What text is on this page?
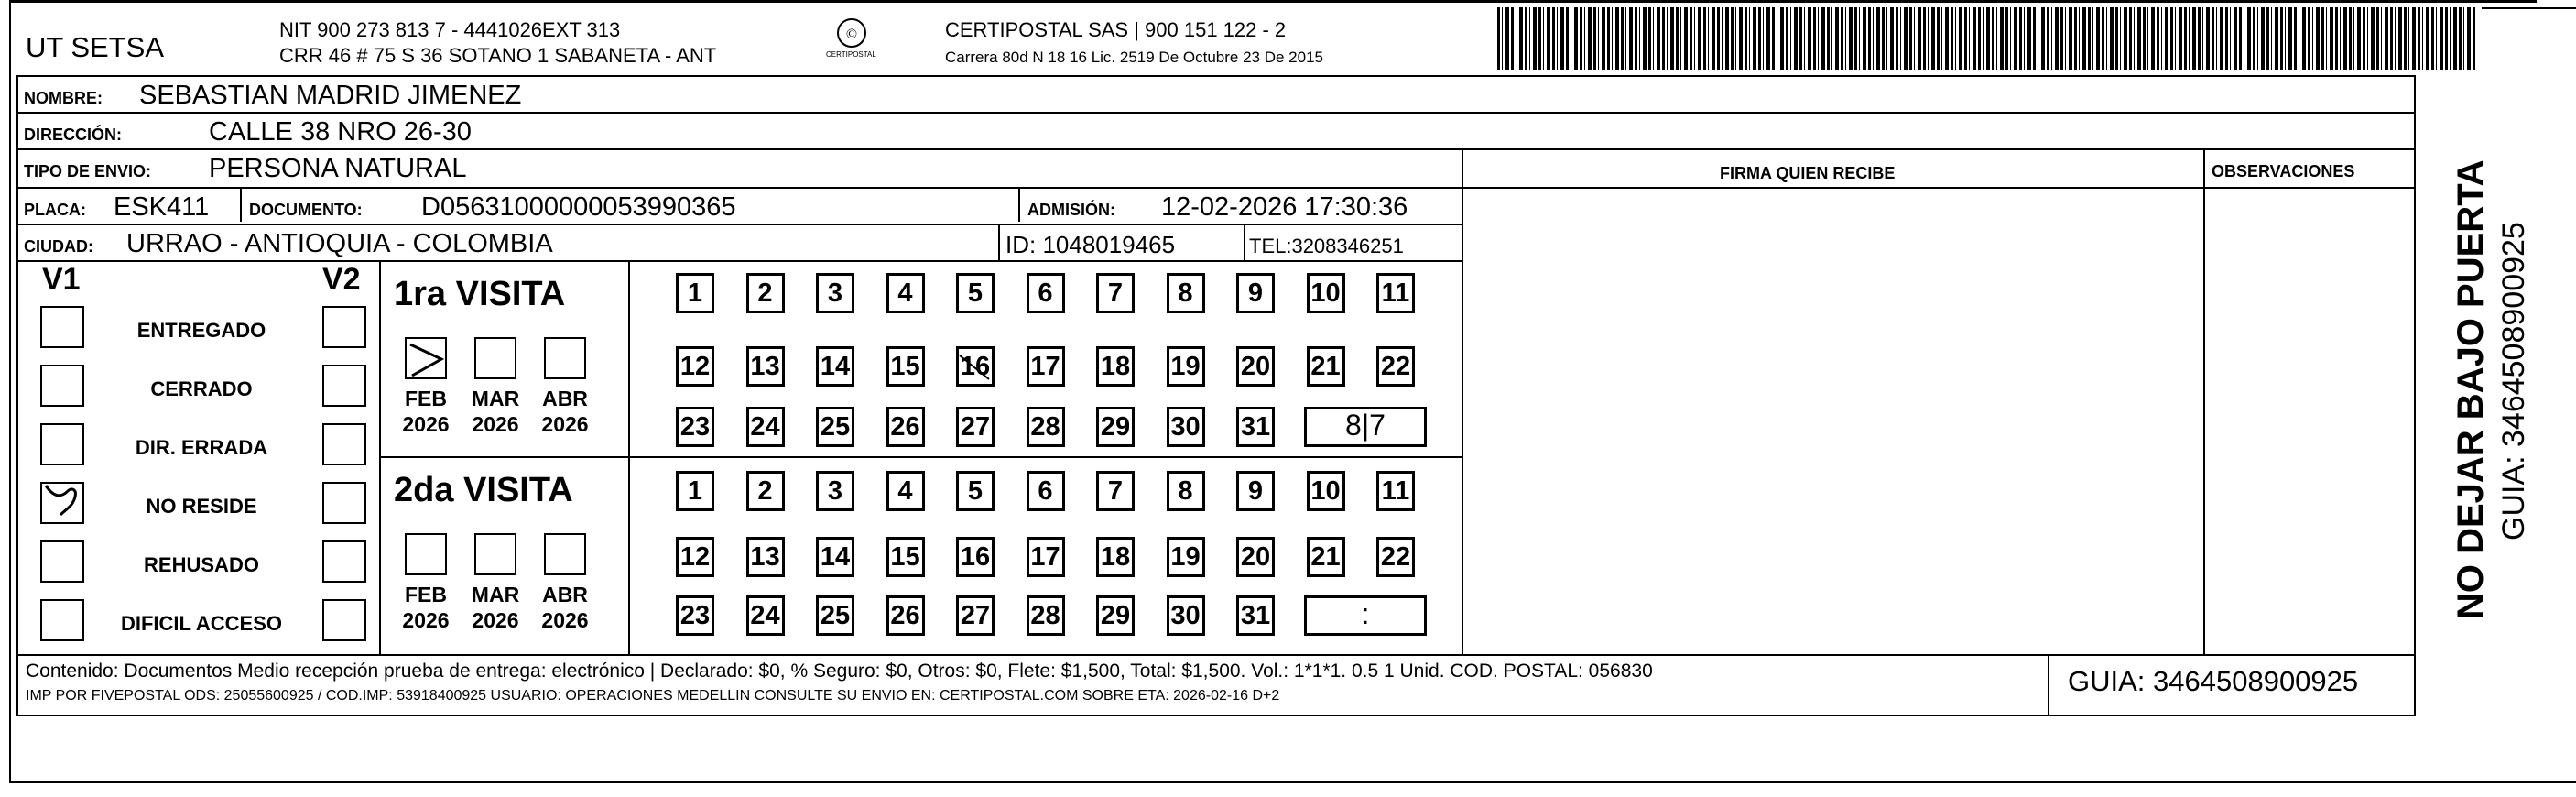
UT SETSA
NIT 900 273 813 7 - 4441026EXT 313
CRR 46 # 75 S 36 SOTANO 1 SABANETA - ANT
©
CERTIPOSTAL
CERTIPOSTAL SAS | 900 151 122 - 2
Carrera 80d N 18 16 Lic. 2519 De Octubre 23 De 2015
NOMBRE: SEBASTIAN MADRID JIMENEZ
DIRECCIÓN:	CALLE 38 NRO 26-30
TIPO DE ENVIO: PERSONA NATURAL	FIRMA QUIEN RECIBE	OBSERVACIONES
PLACA: ESK411 DOCUMENTO: D05631000000053990365	ADMISIÓN: 12-02-2026 17:30:36
CIUDAD: URRAO - ANTIOQUIA - COLOMBIA	ID: 1048019465	TEL:3208346251
V1	V2
ENTREGADO
CERRADO
DIR. ERRADA
NO RESIDE
REHUSADO
DIFICIL ACCESO
1ra VISITA
2da VISITA
FEB
2026
MAR
2026
ABR
2026
FEB
2026
MAR
2026
ABR
2026
1	2	3	4	5	6	7	8	9	10 11
12 13 14 15 16 17 18 19 20 21 22
23 24 25 26 27 28 29 30 31	8|7
1	2	3	4	5	6	7	8	9	10 11
12 13 14 15 16 17 18 19 20 21 22
23 24 25 26 27 28 29 30 31	:
Contenido: Documentos Medio recepción prueba de entrega: electrónico | Declarado: $0, % Seguro: $0, Otros: $0, Flete: $1,500, Total: $1,500. Vol.: 1*1*1. 0.5 1 Unid. COD. POSTAL: 056830
IMP POR FIVEPOSTAL ODS: 25055600925 / COD.IMP: 53918400925 USUARIO: OPERACIONES MEDELLIN CONSULTE SU ENVIO EN: CERTIPOSTAL.COM SOBRE ETA: 2026-02-16 D+2	GUIA: 3464508900925
NO DEJAR BAJO PUERTA GUIA: 3464508900925
